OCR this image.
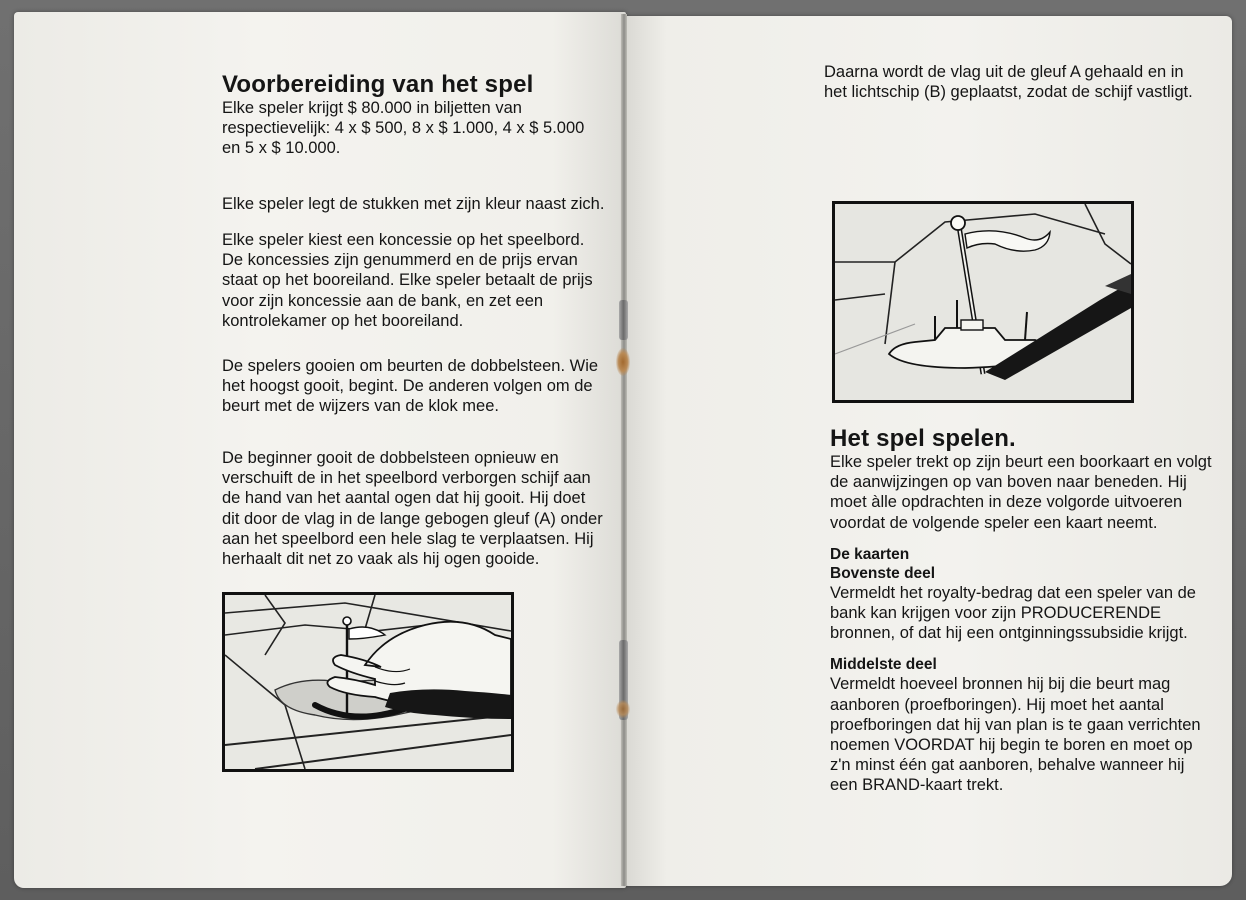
Voorbereiding van het spel

Elke speler krijgt $ 80.000 in biljetten van respectievelijk: 4 x $ 500, 8 x $ 1.000, 4 x $ 5.000 en 5 x $ 10.000.

Elke speler legt de stukken met zijn kleur naast zich.

Elke speler kiest een koncessie op het speelbord. De koncessies zijn genummerd en de prijs ervan staat op het booreiland. Elke speler betaalt de prijs voor zijn koncessie aan de bank, en zet een kontrolekamer op het booreiland.

De spelers gooien om beurten de dobbelsteen. Wie het hoogst gooit, begint. De anderen volgen om de beurt met de wijzers van de klok mee.

De beginner gooit de dobbelsteen opnieuw en verschuift de in het speelbord verborgen schijf aan de hand van het aantal ogen dat hij gooit. Hij doet dit door de vlag in de lange gebogen gleuf (A) onder aan het speelbord een hele slag te verplaatsen. Hij herhaalt dit net zo vaak als hij ogen gooide.

Daarna wordt de vlag uit de gleuf A gehaald en in het lichtschip (B) geplaatst, zodat de schijf vastligt.

Het spel spelen.

Elke speler trekt op zijn beurt een boorkaart en volgt de aanwijzingen op van boven naar beneden. Hij moet àlle opdrachten in deze volgorde uitvoeren voordat de volgende speler een kaart neemt.

De kaarten

Bovenste deel

Vermeldt het royalty-bedrag dat een speler van de bank kan krijgen voor zijn PRODUCERENDE bronnen, of dat hij een ontginningssubsidie krijgt.

Middelste deel

Vermeldt hoeveel bronnen hij bij die beurt mag aanboren (proefboringen). Hij moet het aantal proefboringen dat hij van plan is te gaan verrichten noemen VOORDAT hij begin te boren en moet op z'n minst één gat aanboren, behalve wanneer hij een BRAND-kaart trekt.
